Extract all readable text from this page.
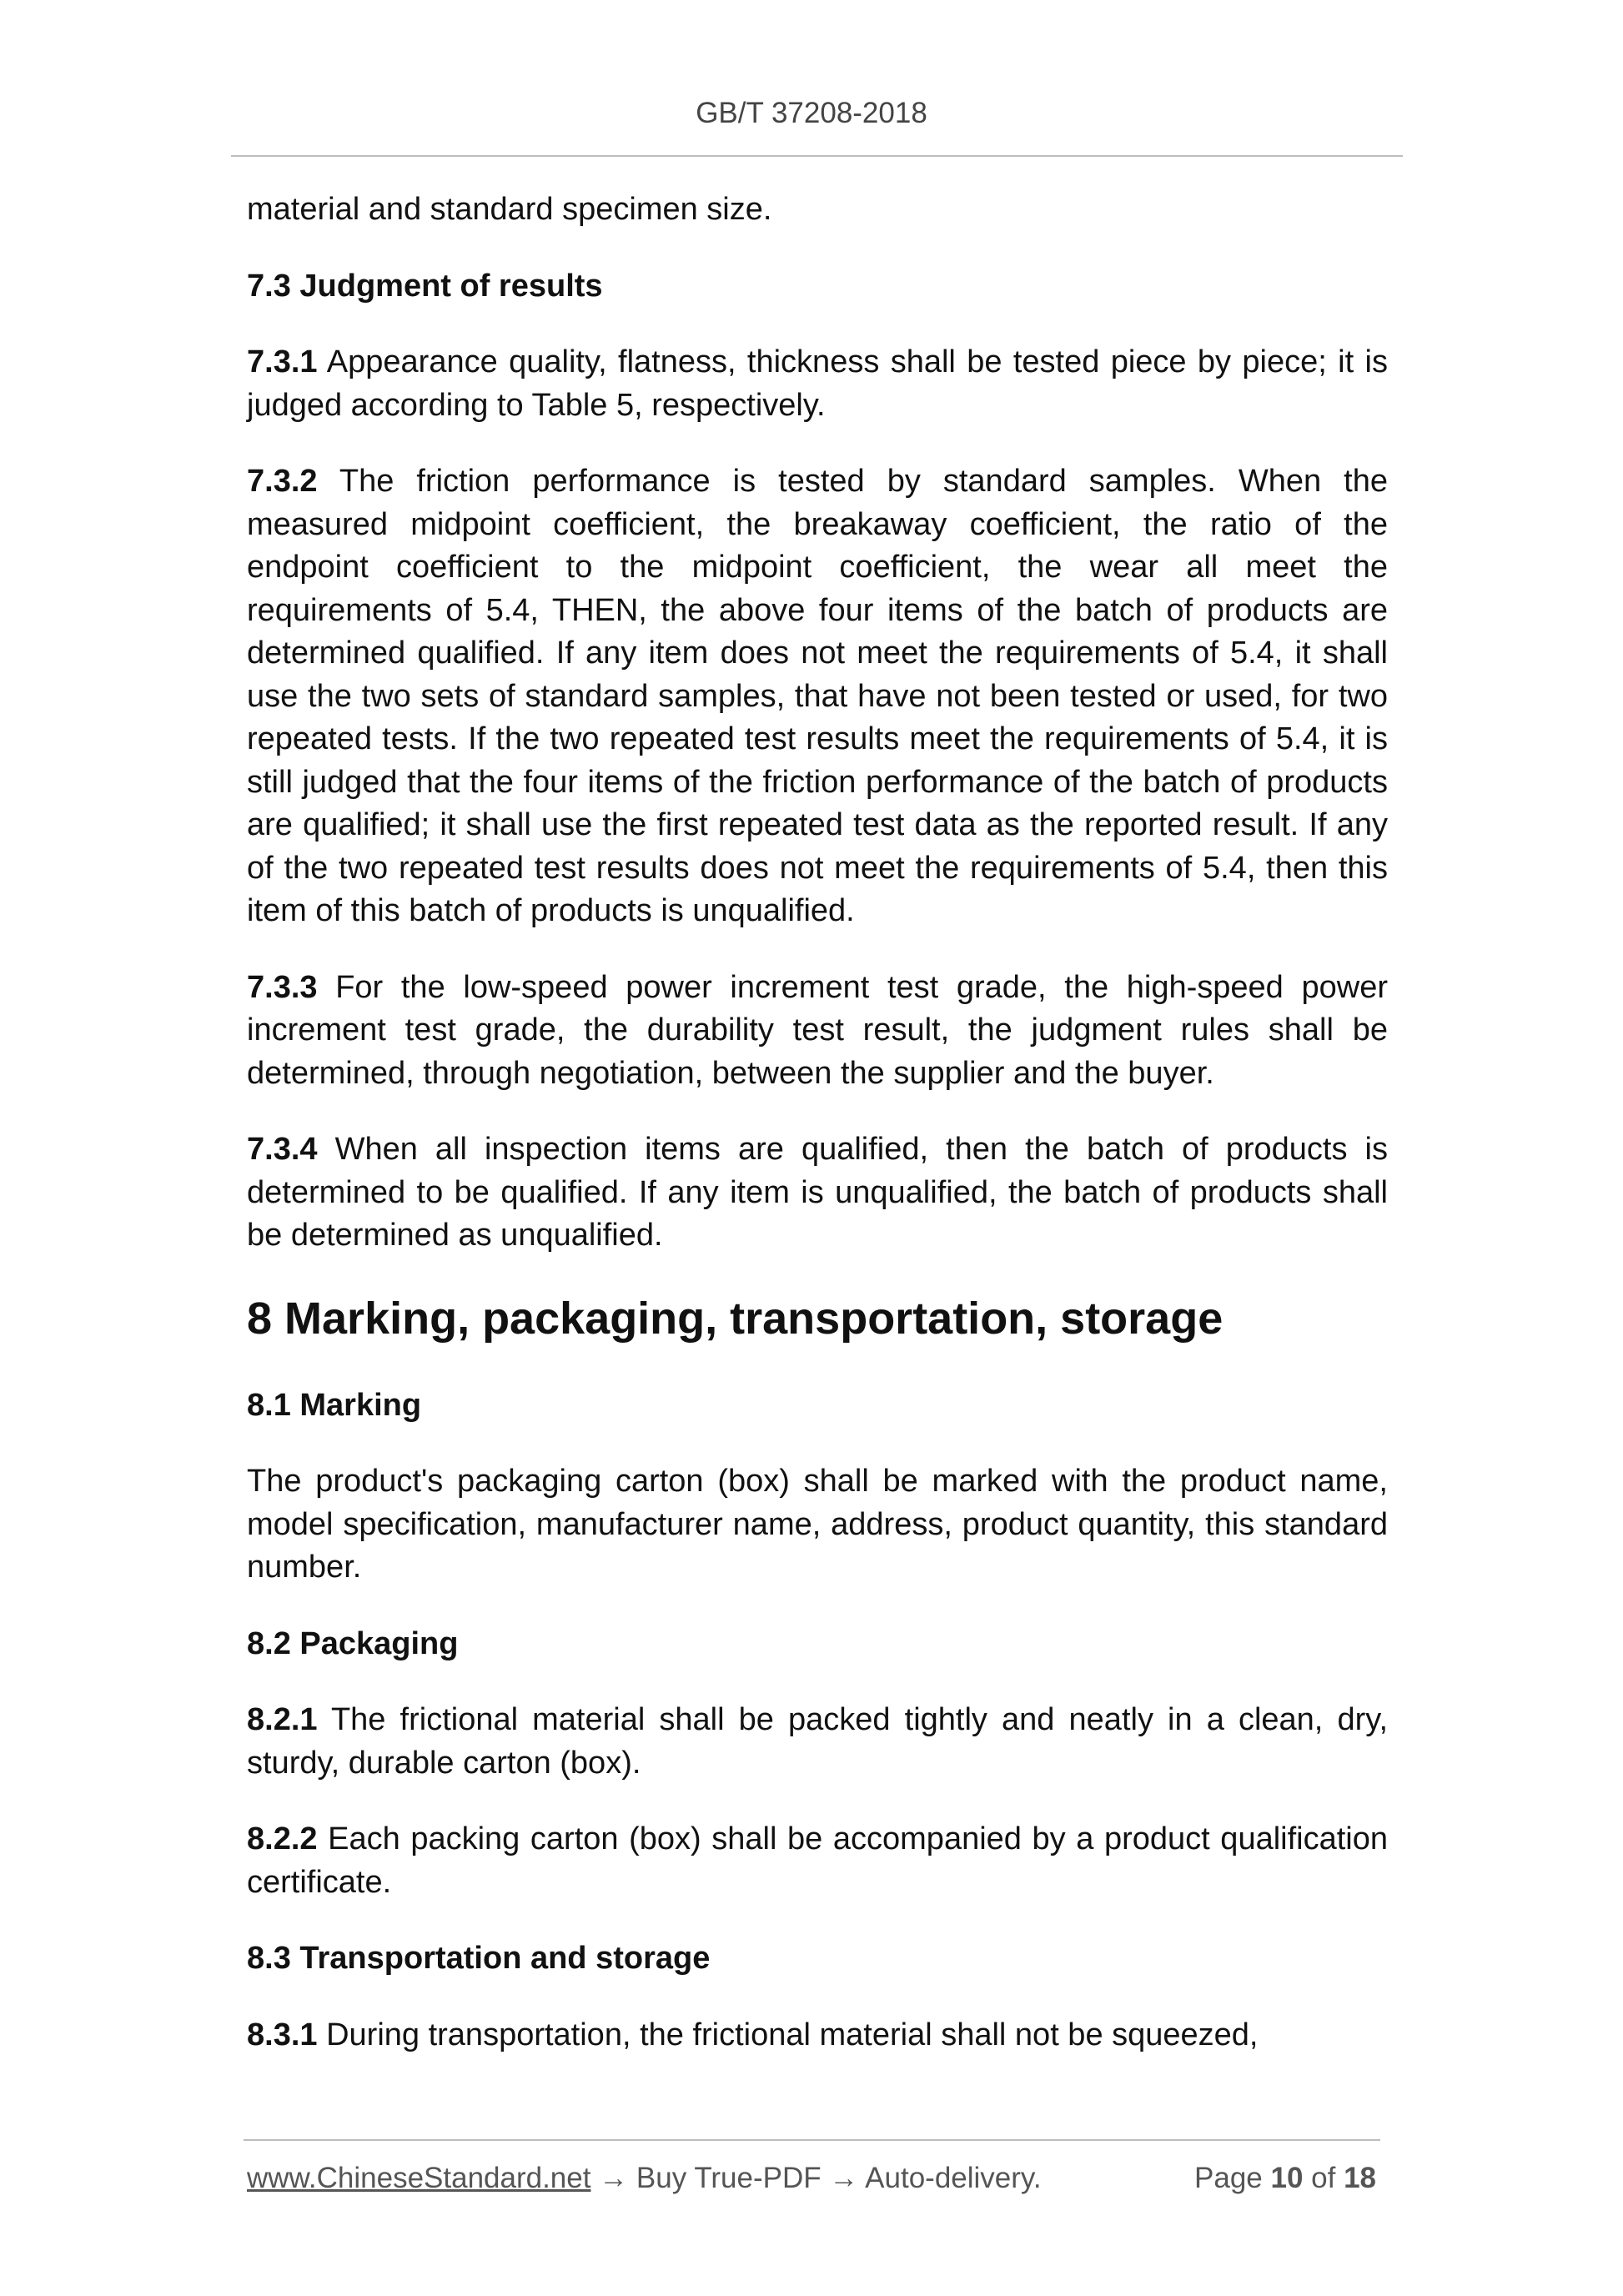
GB/T 37208-2018

material and standard specimen size.

7.3 Judgment of results

7.3.1 Appearance quality, flatness, thickness shall be tested piece by piece; it is judged according to Table 5, respectively.

7.3.2 The friction performance is tested by standard samples. When the measured midpoint coefficient, the breakaway coefficient, the ratio of the endpoint coefficient to the midpoint coefficient, the wear all meet the requirements of 5.4, THEN, the above four items of the batch of products are determined qualified. If any item does not meet the requirements of 5.4, it shall use the two sets of standard samples, that have not been tested or used, for two repeated tests. If the two repeated test results meet the requirements of 5.4, it is still judged that the four items of the friction performance of the batch of products are qualified; it shall use the first repeated test data as the reported result. If any of the two repeated test results does not meet the requirements of 5.4, then this item of this batch of products is unqualified.

7.3.3 For the low-speed power increment test grade, the high-speed power increment test grade, the durability test result, the judgment rules shall be determined, through negotiation, between the supplier and the buyer.

7.3.4 When all inspection items are qualified, then the batch of products is determined to be qualified. If any item is unqualified, the batch of products shall be determined as unqualified.

8 Marking, packaging, transportation, storage
8.1 Marking

The product's packaging carton (box) shall be marked with the product name, model specification, manufacturer name, address, product quantity, this standard number.

8.2 Packaging

8.2.1 The frictional material shall be packed tightly and neatly in a clean, dry, sturdy, durable carton (box).

8.2.2 Each packing carton (box) shall be accompanied by a product qualification certificate.

8.3 Transportation and storage

8.3.1 During transportation, the frictional material shall not be squeezed,

www.ChineseStandard.net → Buy True-PDF → Auto-delivery.	Page 10 of 18
